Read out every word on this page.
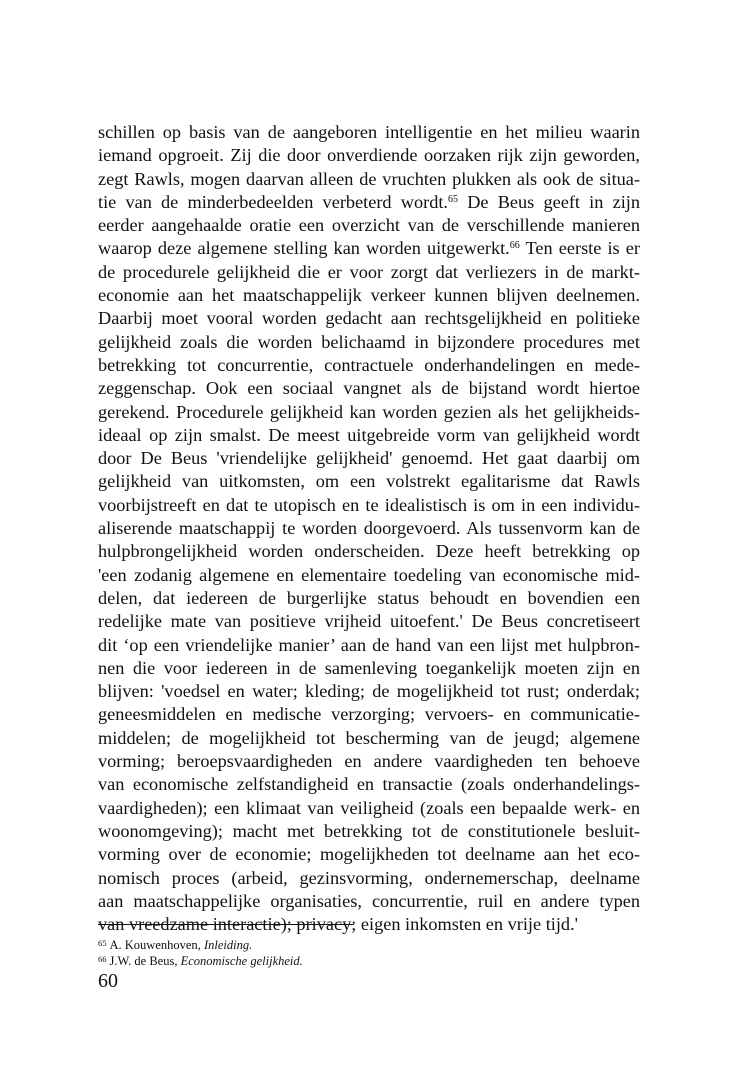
schillen op basis van de aangeboren intelligentie en het milieu waarin
iemand opgroeit. Zij die door onverdiende oorzaken rijk zijn geworden,
zegt Rawls, mogen daarvan alleen de vruchten plukken als ook de situa-
tie van de minderbedeelden verbeterd wordt.$^{65}$ De Beus geeft in zijn
eerder aangehaalde oratie een overzicht van de verschillende manieren
waarop deze algemene stelling kan worden uitgewerkt.$^{66}$ Ten eerste is er
de procedurele gelijkheid die er voor zorgt dat verliezers in de markt-
economie aan het maatschappelijk verkeer kunnen blijven deelnemen.
Daarbij moet vooral worden gedacht aan rechtsgelijkheid en politieke
gelijkheid zoals die worden belichaamd in bijzondere procedures met
betrekking tot concurrentie, contractuele onderhandelingen en mede-
zeggenschap. Ook een sociaal vangnet als de bijstand wordt hiertoe
gerekend. Procedurele gelijkheid kan worden gezien als het gelijkheids-
ideaal op zijn smalst. De meest uitgebreide vorm van gelijkheid wordt
door De Beus 'vriendelijke gelijkheid' genoemd. Het gaat daarbij om
gelijkheid van uitkomsten, om een volstrekt egalitarisme dat Rawls
voorbijstreeft en dat te utopisch en te idealistisch is om in een individu-
aliserende maatschappij te worden doorgevoerd. Als tussenvorm kan de
hulpbrongelijkheid worden onderscheiden. Deze heeft betrekking op
'een zodanig algemene en elementaire toedeling van economische mid-
delen, dat iedereen de burgerlijke status behoudt en bovendien een
redelijke mate van positieve vrijheid uitoefent.' De Beus concretiseert
dit ‘op een vriendelijke manier’ aan de hand van een lijst met hulpbron-
nen die voor iedereen in de samenleving toegankelijk moeten zijn en
blijven: 'voedsel en water; kleding; de mogelijkheid tot rust; onderdak;
geneesmiddelen en medische verzorging; vervoers- en communicatie-
middelen; de mogelijkheid tot bescherming van de jeugd; algemene
vorming; beroepsvaardigheden en andere vaardigheden ten behoeve
van economische zelfstandigheid en transactie (zoals onderhandelings-
vaardigheden); een klimaat van veiligheid (zoals een bepaalde werk- en
woonomgeving); macht met betrekking tot de constitutionele besluit-
vorming over de economie; mogelijkheden tot deelname aan het eco-
nomisch proces (arbeid, gezinsvorming, ondernemerschap, deelname
aan maatschappelijke organisaties, concurrentie, ruil en andere typen
van vreedzame interactie); privacy; eigen inkomsten en vrije tijd.'
$^{65}$ A. Kouwenhoven, Inleiding.
$^{66}$ J.W. de Beus, Economische gelijkheid.
60
